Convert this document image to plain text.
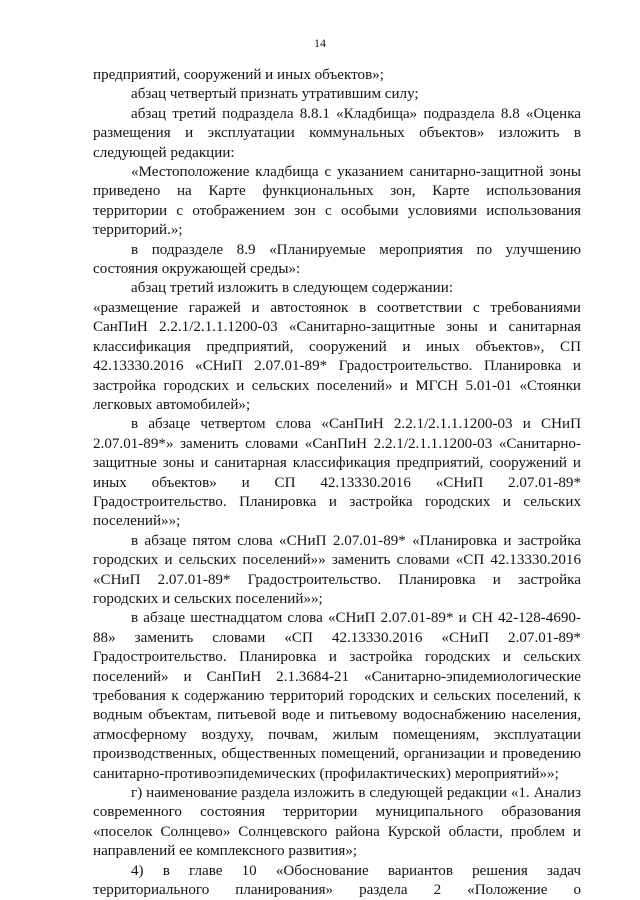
14

предприятий, сооружений и иных объектов»;

абзац четвертый признать утратившим силу;

абзац третий подраздела 8.8.1 «Кладбища» подраздела 8.8 «Оценка размещения и эксплуатации коммунальных объектов» изложить в следующей редакции:

«Местоположение кладбища с указанием санитарно-защитной зоны приведено на Карте функциональных зон, Карте использования территории с отображением зон с особыми условиями использования территорий.»;

в подразделе 8.9 «Планируемые мероприятия по улучшению состояния окружающей среды»:

абзац третий изложить в следующем содержании:

«размещение гаражей и автостоянок в соответствии с требованиями СанПиН 2.2.1/2.1.1.1200-03 «Санитарно-защитные зоны и санитарная классификация предприятий, сооружений и иных объектов», СП 42.13330.2016 «СНиП 2.07.01-89* Градостроительство. Планировка и застройка городских и сельских поселений» и МГСН 5.01-01 «Стоянки легковых автомобилей»;

в абзаце четвертом слова «СанПиН 2.2.1/2.1.1.1200-03 и СНиП 2.07.01-89*» заменить словами «СанПиН 2.2.1/2.1.1.1200-03 «Санитарно-защитные зоны и санитарная классификация предприятий, сооружений и иных объектов» и СП 42.13330.2016 «СНиП 2.07.01-89* Градостроительство. Планировка и застройка городских и сельских поселений»»;

в абзаце пятом слова «СНиП 2.07.01-89* «Планировка и застройка городских и сельских поселений»» заменить словами «СП 42.13330.2016 «СНиП 2.07.01-89* Градостроительство. Планировка и застройка городских и сельских поселений»»;

в абзаце шестнадцатом слова «СНиП 2.07.01-89* и СН 42-128-4690-88» заменить словами «СП 42.13330.2016 «СНиП 2.07.01-89* Градостроительство. Планировка и застройка городских и сельских поселений» и СанПиН 2.1.3684-21 «Санитарно-эпидемиологические требования к содержанию территорий городских и сельских поселений, к водным объектам, питьевой воде и питьевому водоснабжению населения, атмосферному воздуху, почвам, жилым помещениям, эксплуатации производственных, общественных помещений, организации и проведению санитарно-противоэпидемических (профилактических) мероприятий»»;

г) наименование раздела изложить в следующей редакции «1. Анализ современного состояния территории муниципального образования «поселок Солнцево» Солнцевского района Курской области, проблем и направлений ее комплексного развития»;

4) в главе 10 «Обоснование вариантов решения задач территориального планирования» раздела 2 «Положение о
